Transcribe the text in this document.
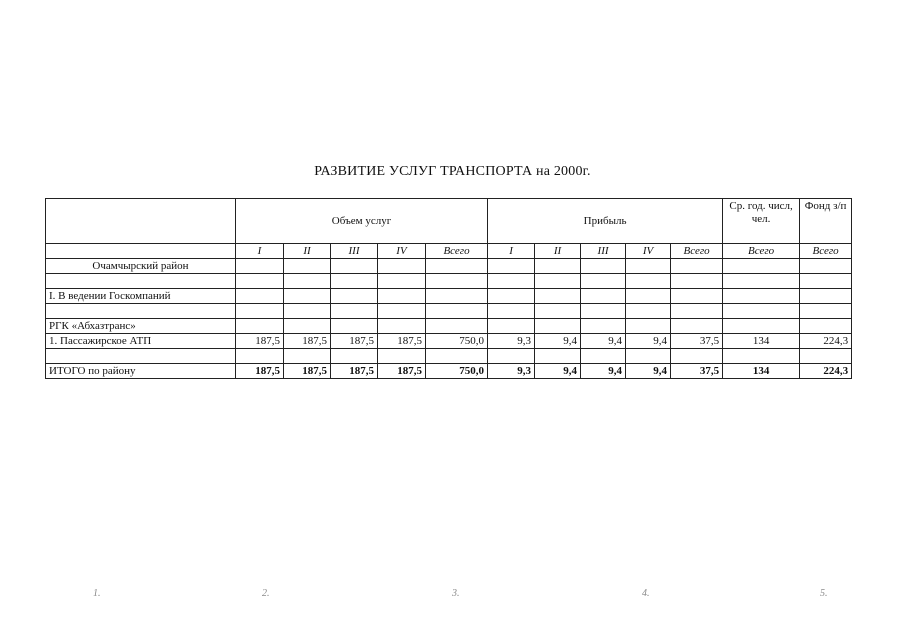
РАЗВИТИЕ УСЛУГ ТРАНСПОРТА на 2000г.
	Объем услуг					Прибыль					Ср. год. числ, чел.	Фонд з/п
	I	II	III	IV	Всего	I	II	III	IV	Всего	Всего	Всего
Очамчырский район												

I. В ведении Госкомпаний												

РГК «Абхазтранс»												
1. Пассажирское АТП	187,5	187,5	187,5	187,5	750,0	9,3	9,4	9,4	9,4	37,5	134	224,3

ИТОГО по району	187,5	187,5	187,5	187,5	750,0	9,3	9,4	9,4	9,4	37,5	134	224,3
1.	2.	3.	4.	5.
